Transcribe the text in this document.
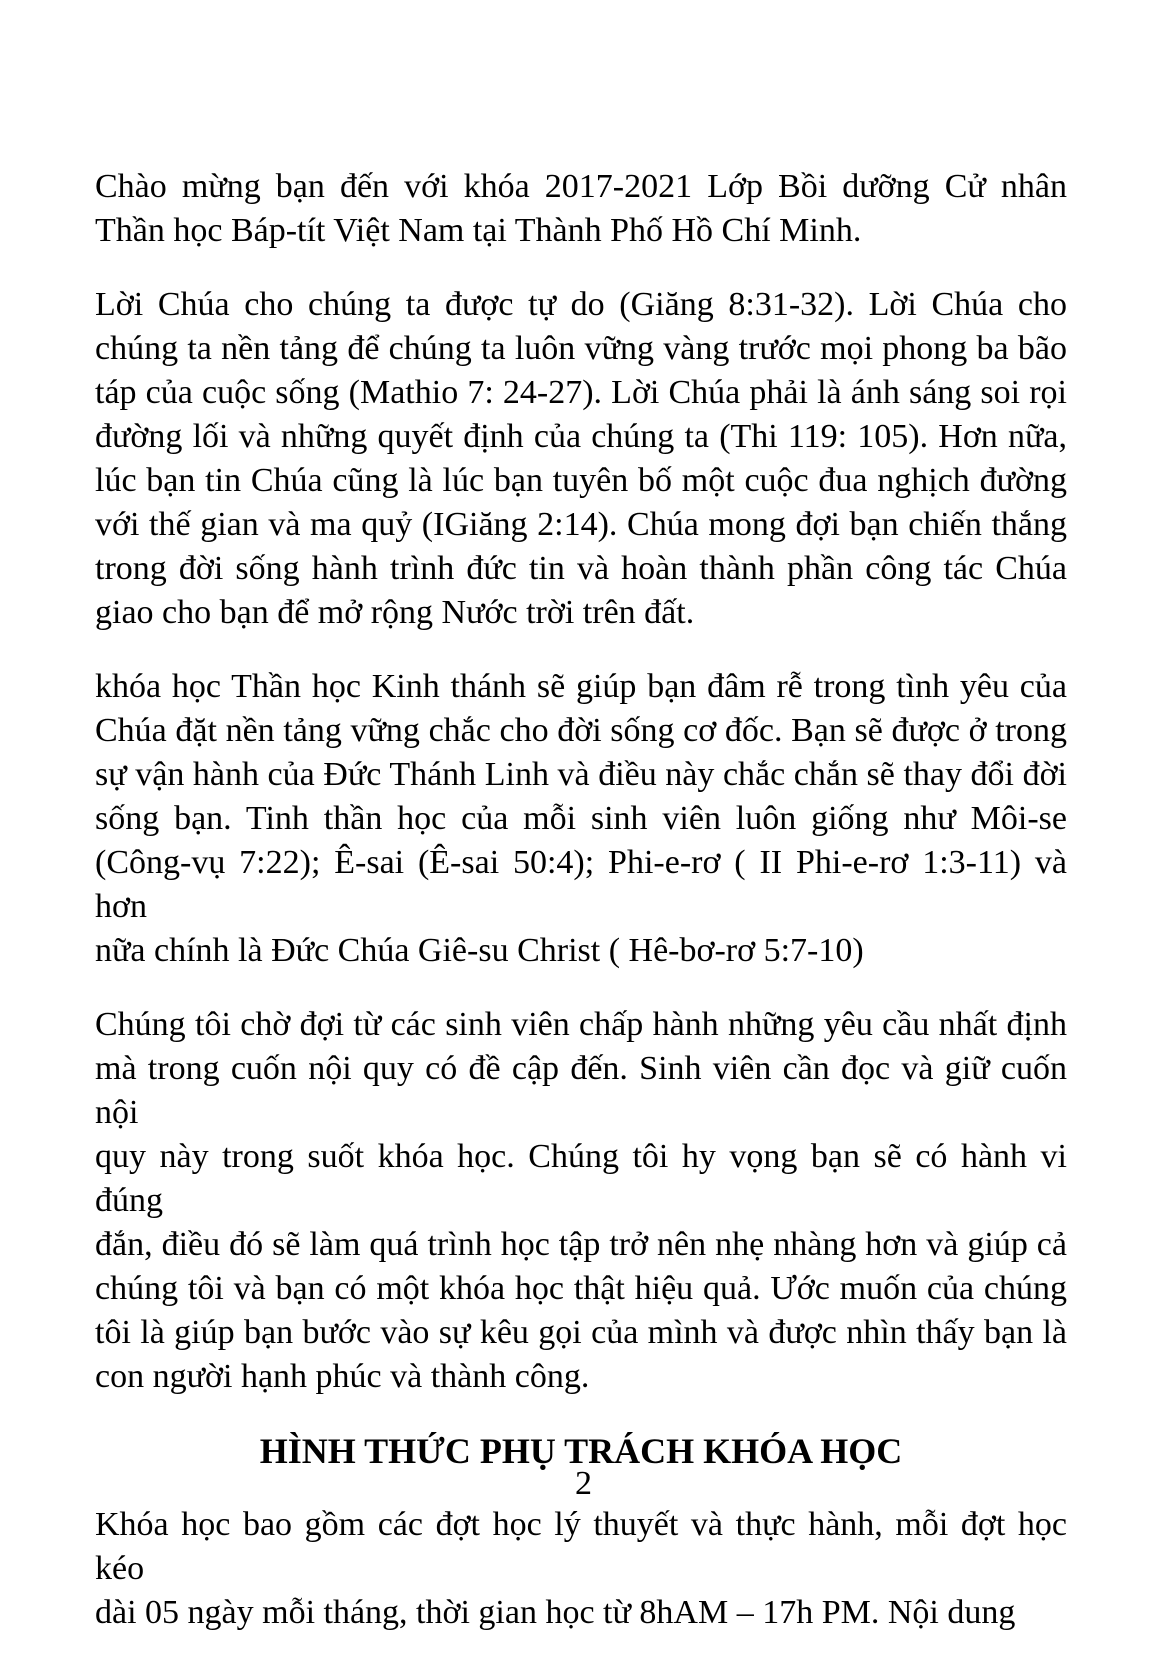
Chào mừng bạn đến với khóa 2017-2021 Lớp Bồi dưỡng Cử nhân
Thần học Báp-tít Việt Nam tại Thành Phố Hồ Chí Minh.
Lời Chúa cho chúng ta được tự do (Giăng 8:31-32). Lời Chúa cho
chúng ta nền tảng để chúng ta luôn vững vàng trước mọi phong ba bão
táp của cuộc sống (Mathio 7: 24-27). Lời Chúa phải là ánh sáng soi rọi
đường lối và những quyết định của chúng ta (Thi 119: 105). Hơn nữa,
lúc bạn tin Chúa cũng là lúc bạn tuyên bố một cuộc đua nghịch đường
với thế gian và ma quỷ (IGiăng 2:14). Chúa mong đợi bạn chiến thắng
trong đời sống hành trình đức tin và hoàn thành phần công tác Chúa
giao cho bạn để mở rộng Nước trời trên đất.
khóa học Thần học Kinh thánh sẽ giúp bạn đâm rễ trong tình yêu của
Chúa đặt nền tảng vững chắc cho đời sống cơ đốc. Bạn sẽ được ở trong
sự vận hành của Đức Thánh Linh và điều này chắc chắn sẽ thay đổi đời
sống bạn. Tinh thần học của mỗi sinh viên luôn giống như Môi-se
(Công-vụ 7:22); Ê-sai (Ê-sai 50:4); Phi-e-rơ ( II Phi-e-rơ 1:3-11) và hơn
nữa chính là Đức Chúa Giê-su Christ ( Hê-bơ-rơ 5:7-10)
Chúng tôi chờ đợi từ các sinh viên chấp hành những yêu cầu nhất định
mà trong cuốn nội quy có đề cập đến. Sinh viên cần đọc và giữ cuốn nội
quy này trong suốt khóa học. Chúng tôi hy vọng bạn sẽ có hành vi đúng
đắn, điều đó sẽ làm quá trình học tập trở nên nhẹ nhàng hơn và giúp cả
chúng tôi và bạn có một khóa học thật hiệu quả. Ước muốn của chúng
tôi là giúp bạn bước vào sự kêu gọi của mình và được nhìn thấy bạn là
con người hạnh phúc và thành công.
HÌNH THỨC PHỤ TRÁCH KHÓA HỌC
Khóa học bao gồm các đợt học lý thuyết và thực hành, mỗi đợt học kéo
dài 05 ngày mỗi tháng, thời gian học từ 8hAM – 17h PM. Nội dung
2
